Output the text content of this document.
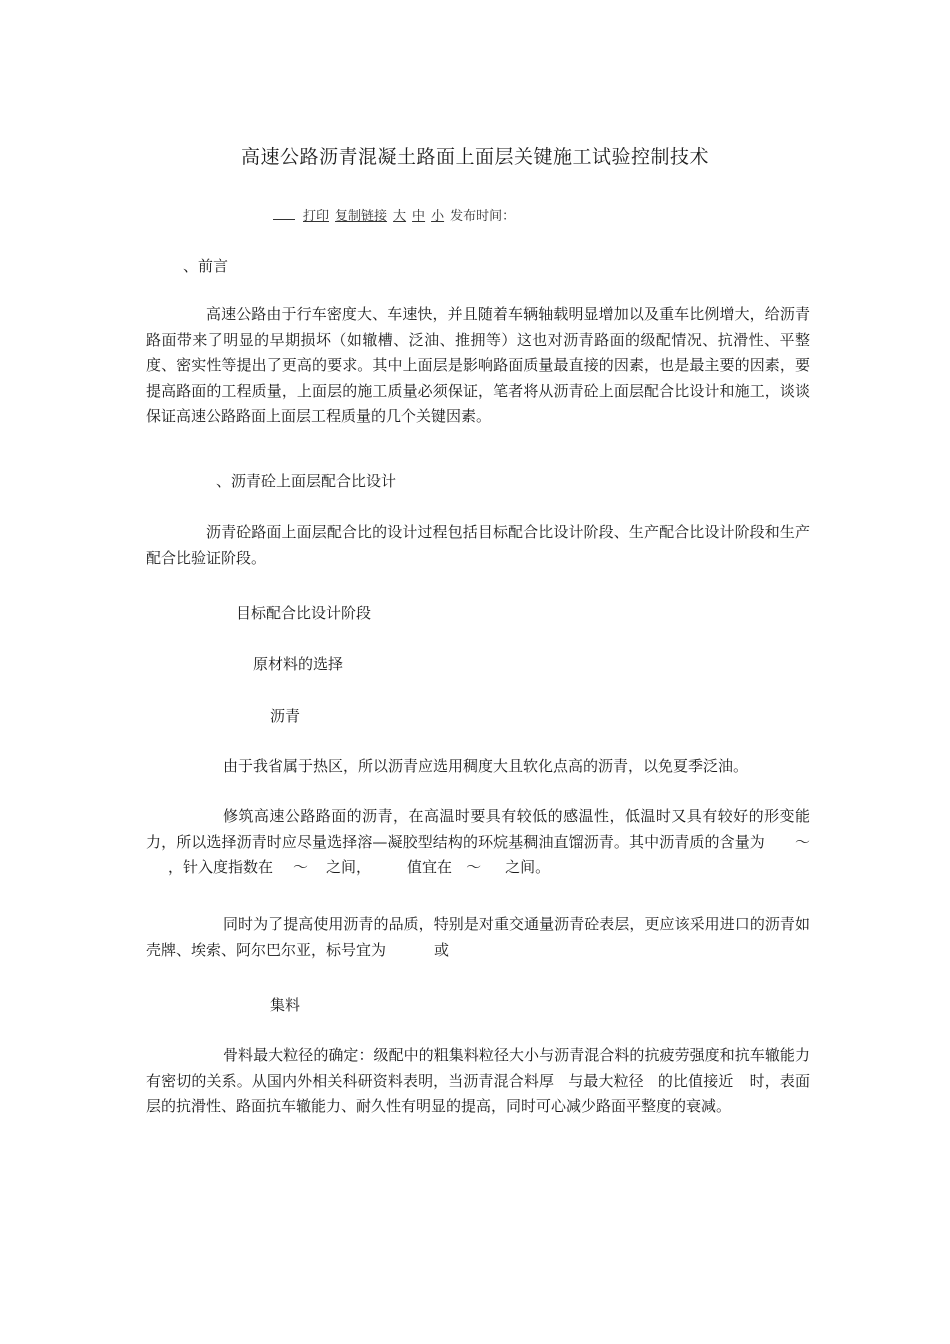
高速公路沥青混凝土路面上面层关键施工试验控制技术
打印 复制链接 大 中 小 发布时间：
、前言
高速公路由于行车密度大、车速快，并且随着车辆轴载明显增加以及重车比例增大，给沥青路面带来了明显的早期损坏（如辙槽、泛油、推拥等）这也对沥青路面的级配情况、抗滑性、平整度、密实性等提出了更高的要求。其中上面层是影响路面质量最直接的因素，也是最主要的因素，要提高路面的工程质量，上面层的施工质量必须保证，笔者将从沥青砼上面层配合比设计和施工，谈谈保证高速公路路面上面层工程质量的几个关键因素。
、沥青砼上面层配合比设计
沥青砼路面上面层配合比的设计过程包括目标配合比设计阶段、生产配合比设计阶段和生产配合比验证阶段。
目标配合比设计阶段
原材料的选择
沥青
由于我省属于热区，所以沥青应选用稠度大且软化点高的沥青，以免夏季泛油。
修筑高速公路路面的沥青，在高温时要具有较低的感温性，低温时又具有较好的形变能力，所以选择沥青时应尽量选择溶—凝胶型结构的环烷基稠油直馏沥青。其中沥青质的含量为 ～，针入度指数在 ～ 之间， 值宜在 ～ 之间。
同时为了提高使用沥青的品质，特别是对重交通量沥青砼表层，更应该采用进口的沥青如壳牌、埃索、阿尔巴尔亚，标号宜为	或
集料
骨料最大粒径的确定：级配中的粗集料粒径大小与沥青混合料的抗疲劳强度和抗车辙能力有密切的关系。从国内外相关科研资料表明，当沥青混合料厚 与最大粒径 的比值接近 时，表面层的抗滑性、路面抗车辙能力、耐久性有明显的提高，同时可心减少路面平整度的衰减。
